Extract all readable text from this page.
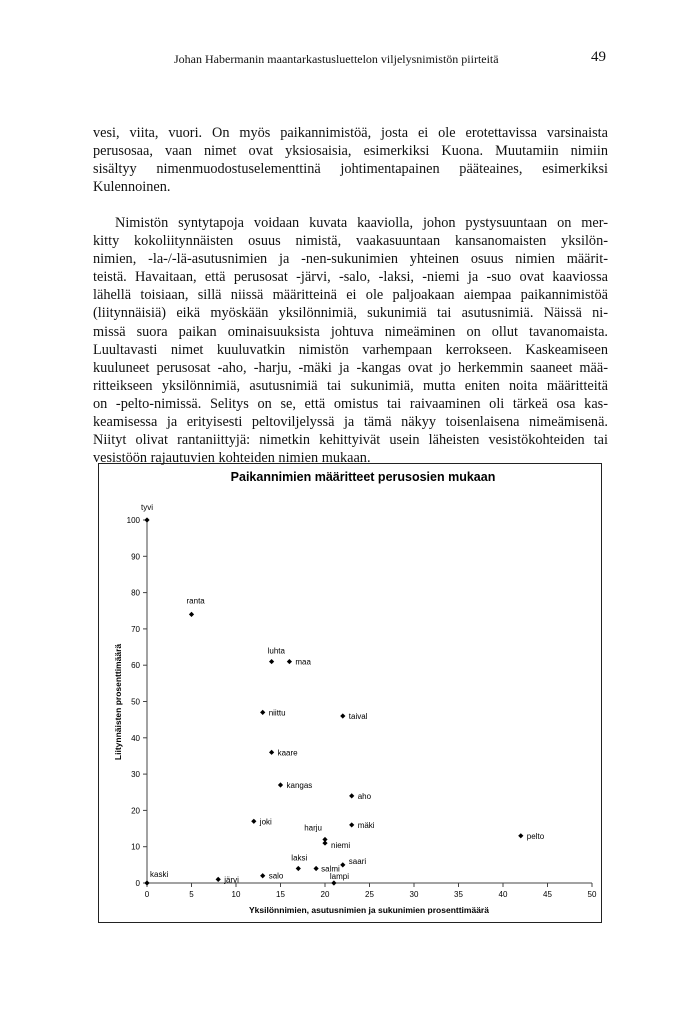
Johan Habermanin maantarkastusluettelon viljelysnimistön piirteitä	49
vesi, viita, vuori. On myös paikannimistöä, josta ei ole erotettavissa varsinaista
perusosaa, vaan nimet ovat yksiosaisia, esimerkiksi Kuona. Muutamiin nimiin
sisältyy nimenmuodostuselementtinä johtimentapainen pääteaines, esimerkiksi
Kulennoinen.
Nimistön syntytapoja voidaan kuvata kaaviolla, johon pystysuuntaan on mer-
kitty kokoliitynnäisten osuus nimistä, vaakasuuntaan kansanomaisten yksilön-
nimien, -la-/-lä-asutusnimien ja -nen-sukunimien yhteinen osuus nimien määrit-
teistä. Havaitaan, että perusosat -järvi, -salo, -laksi, -niemi ja -suo ovat kaaviossa
lähellä toisiaan, sillä niissä määritteinä ei ole paljoakaan aiempaa paikannimistöä
(liitynnäisiä) eikä myöskään yksilönnimiä, sukunimiä tai asutusnimiä. Näissä ni-
missä suora paikan ominaisuuksista johtuva nimeäminen on ollut tavanomaista.
Luultavasti nimet kuuluvatkin nimistön varhempaan kerrokseen. Kaskeamiseen
kuuluneet perusosat -aho, -harju, -mäki ja -kangas ovat jo herkemmin saaneet mää-
ritteikseen yksilönnimiä, asutusnimiä tai sukunimiä, mutta eniten noita määritteitä
on -pelto-nimissä. Selitys on se, että omistus tai raivaaminen oli tärkeä osa kas-
keamisessa ja erityisesti peltoviljelyssä ja tämä näkyy toisenlaisena nimeämisenä.
Niityt olivat rantaniittyjä: nimetkin kehittyivät usein läheisten vesistökohteiden tai
vesistöön rajautuvien kohteiden nimien mukaan.
Paikannimien määritteet perusosien mukaan
0	5	10	15	20	25	30	35	40	45	50
0
10
20
30
40
50
60
70
80
90
100
tyvi
ranta
luhta
maa
niittu	taival
kaare
kangas
aho
joki
harju	mäki
niemi
pelto
laksi
salmi
saari
salo
järvi	lampi
kaski
Yksilönnimien, asutusnimien ja sukunimien prosenttimäärä
Liitynnäisten prosenttimäärä
